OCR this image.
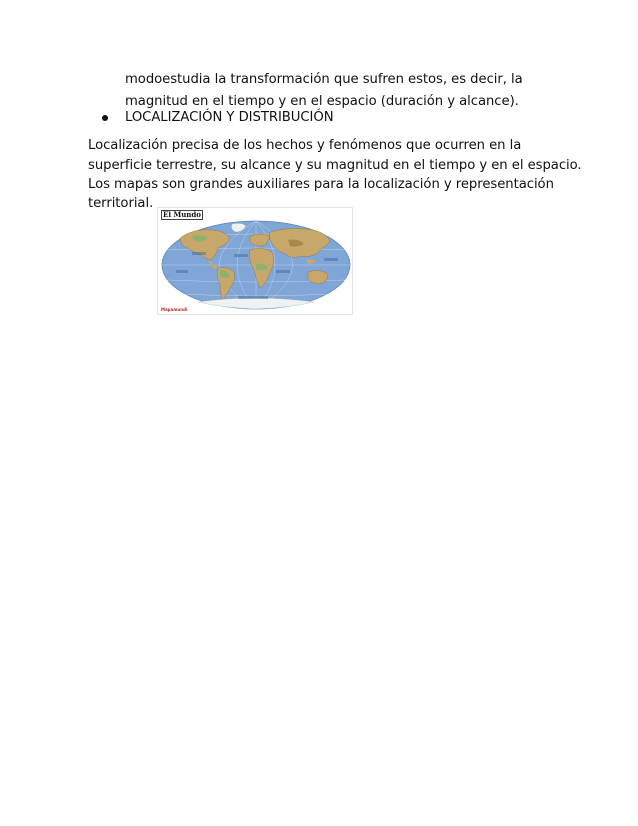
modoestudia la transformación que sufren estos, es decir, la
magnitud en el tiempo y en el espacio (duración y alcance).
LOCALIZACIÓN Y DISTRIBUCIÓN
Localización precisa de los hechos y fenómenos que ocurren en la
superficie terrestre, su alcance y su magnitud en el tiempo y en el espacio.
Los mapas son grandes auxiliares para la localización y representación
territorial.
El Mundo
Mapamundi
